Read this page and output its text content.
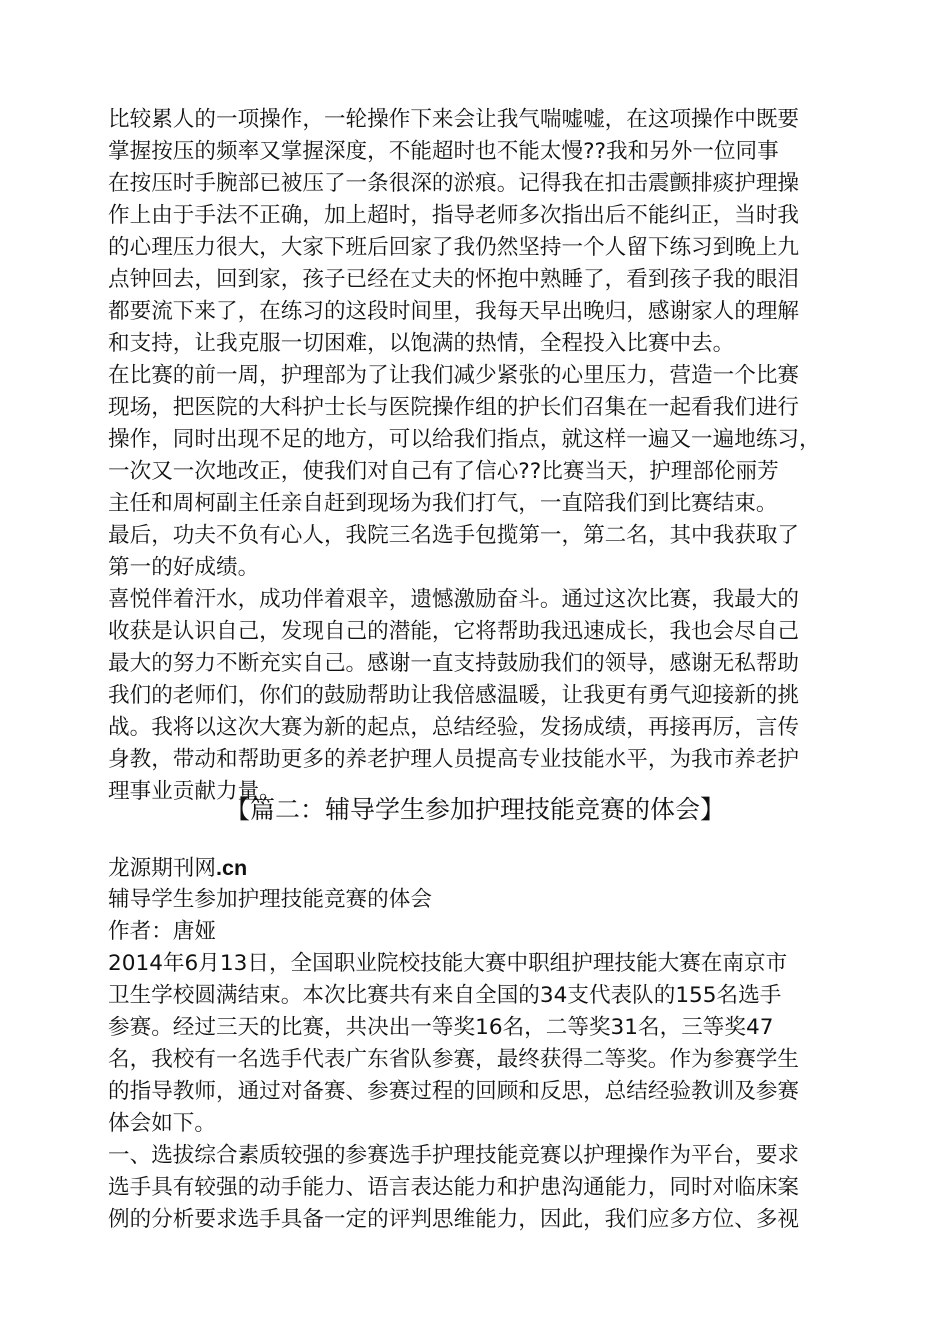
比较累人的一项操作，一轮操作下来会让我气喘嘘嘘，在这项操作中既要
掌握按压的频率又掌握深度，不能超时也不能太慢??我和另外一位同事
在按压时手腕部已被压了一条很深的淤痕。记得我在扣击震颤排痰护理操
作上由于手法不正确，加上超时，指导老师多次指出后不能纠正，当时我
的心理压力很大，大家下班后回家了我仍然坚持一个人留下练习到晚上九
点钟回去，回到家，孩子已经在丈夫的怀抱中熟睡了，看到孩子我的眼泪
都要流下来了，在练习的这段时间里，我每天早出晚归，感谢家人的理解
和支持，让我克服一切困难，以饱满的热情，全程投入比赛中去。
在比赛的前一周，护理部为了让我们减少紧张的心里压力，营造一个比赛
现场，把医院的大科护士长与医院操作组的护长们召集在一起看我们进行
操作，同时出现不足的地方，可以给我们指点，就这样一遍又一遍地练习，
一次又一次地改正，使我们对自己有了信心??比赛当天，护理部伦丽芳
主任和周柯副主任亲自赶到现场为我们打气，一直陪我们到比赛结束。
最后，功夫不负有心人，我院三名选手包揽第一，第二名，其中我获取了
第一的好成绩。
喜悦伴着汗水，成功伴着艰辛，遗憾激励奋斗。通过这次比赛，我最大的
收获是认识自己，发现自己的潜能，它将帮助我迅速成长，我也会尽自己
最大的努力不断充实自己。感谢一直支持鼓励我们的领导，感谢无私帮助
我们的老师们，你们的鼓励帮助让我倍感温暖，让我更有勇气迎接新的挑
战。我将以这次大赛为新的起点，总结经验，发扬成绩，再接再厉，言传
身教，带动和帮助更多的养老护理人员提高专业技能水平，为我市养老护
理事业贡献力量。
【篇二：辅导学生参加护理技能竞赛的体会】
龙源期刊网.cn
辅导学生参加护理技能竞赛的体会
作者：唐娅
2014年6月13日，全国职业院校技能大赛中职组护理技能大赛在南京市
卫生学校圆满结束。本次比赛共有来自全国的34支代表队的155名选手
参赛。经过三天的比赛，共决出一等奖16名，二等奖31名，三等奖47
名，我校有一名选手代表广东省队参赛，最终获得二等奖。作为参赛学生
的指导教师，通过对备赛、参赛过程的回顾和反思，总结经验教训及参赛
体会如下。
一、选拔综合素质较强的参赛选手护理技能竞赛以护理操作为平台，要求
选手具有较强的动手能力、语言表达能力和护患沟通能力，同时对临床案
例的分析要求选手具备一定的评判思维能力，因此，我们应多方位、多视
